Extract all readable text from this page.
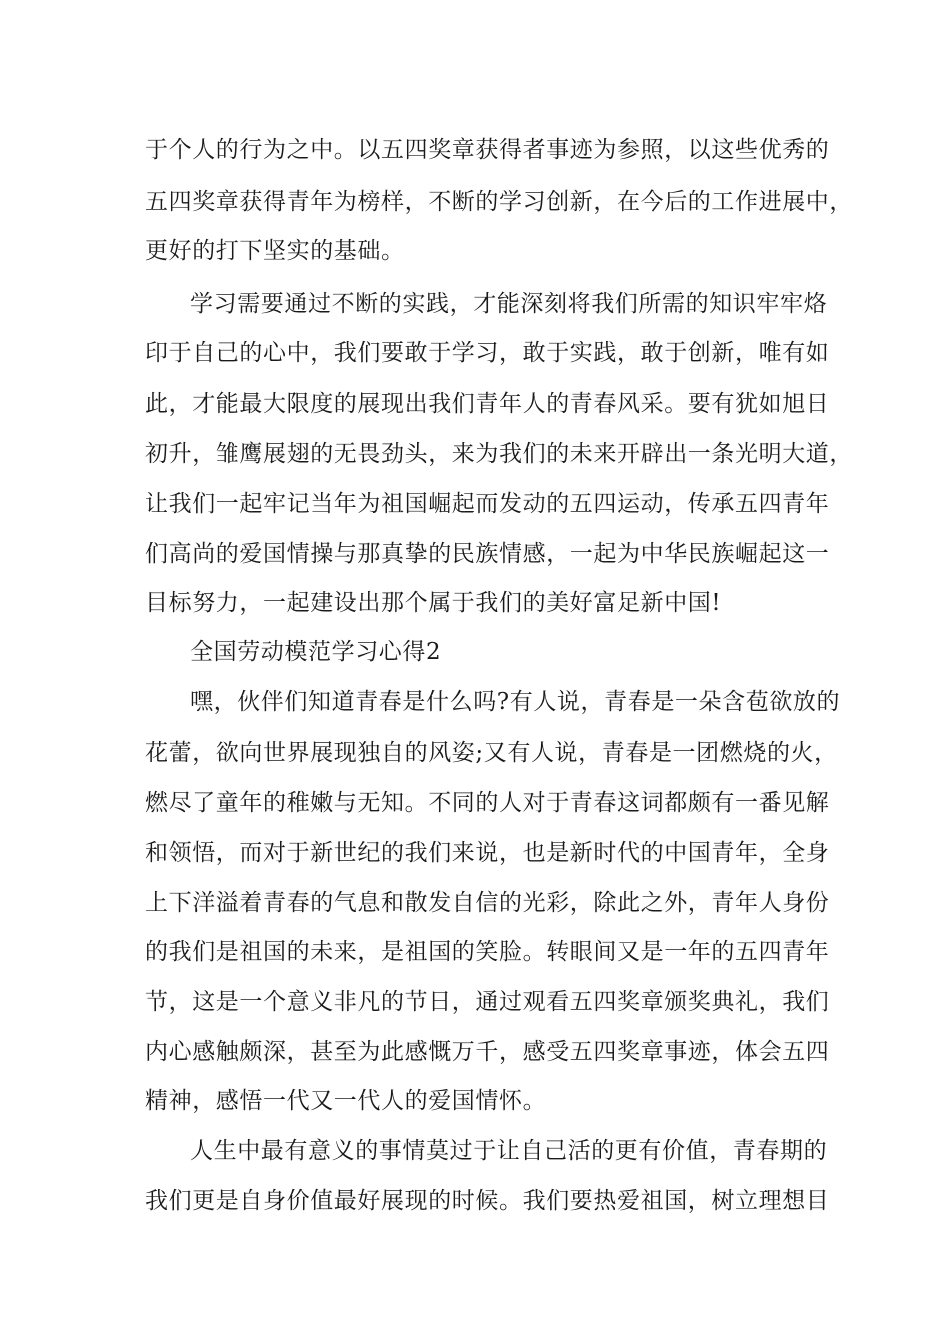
于个人的行为之中。以五四奖章获得者事迹为参照，以这些优秀的
五四奖章获得青年为榜样，不断的学习创新，在今后的工作进展中，
更好的打下坚实的基础。
学习需要通过不断的实践，才能深刻将我们所需的知识牢牢烙
印于自己的心中，我们要敢于学习，敢于实践，敢于创新，唯有如
此，才能最大限度的展现出我们青年人的青春风采。要有犹如旭日
初升，雏鹰展翅的无畏劲头，来为我们的未来开辟出一条光明大道，
让我们一起牢记当年为祖国崛起而发动的五四运动，传承五四青年
们高尚的爱国情操与那真挚的民族情感，一起为中华民族崛起这一
目标努力，一起建设出那个属于我们的美好富足新中国!
全国劳动模范学习心得2
嘿，伙伴们知道青春是什么吗?有人说，青春是一朵含苞欲放的
花蕾，欲向世界展现独自的风姿;又有人说，青春是一团燃烧的火，
燃尽了童年的稚嫩与无知。不同的人对于青春这词都颇有一番见解
和领悟，而对于新世纪的我们来说，也是新时代的中国青年，全身
上下洋溢着青春的气息和散发自信的光彩，除此之外，青年人身份
的我们是祖国的未来，是祖国的笑脸。转眼间又是一年的五四青年
节，这是一个意义非凡的节日，通过观看五四奖章颁奖典礼，我们
内心感触颇深，甚至为此感慨万千，感受五四奖章事迹，体会五四
精神，感悟一代又一代人的爱国情怀。
人生中最有意义的事情莫过于让自己活的更有价值，青春期的
我们更是自身价值最好展现的时候。我们要热爱祖国，树立理想目
